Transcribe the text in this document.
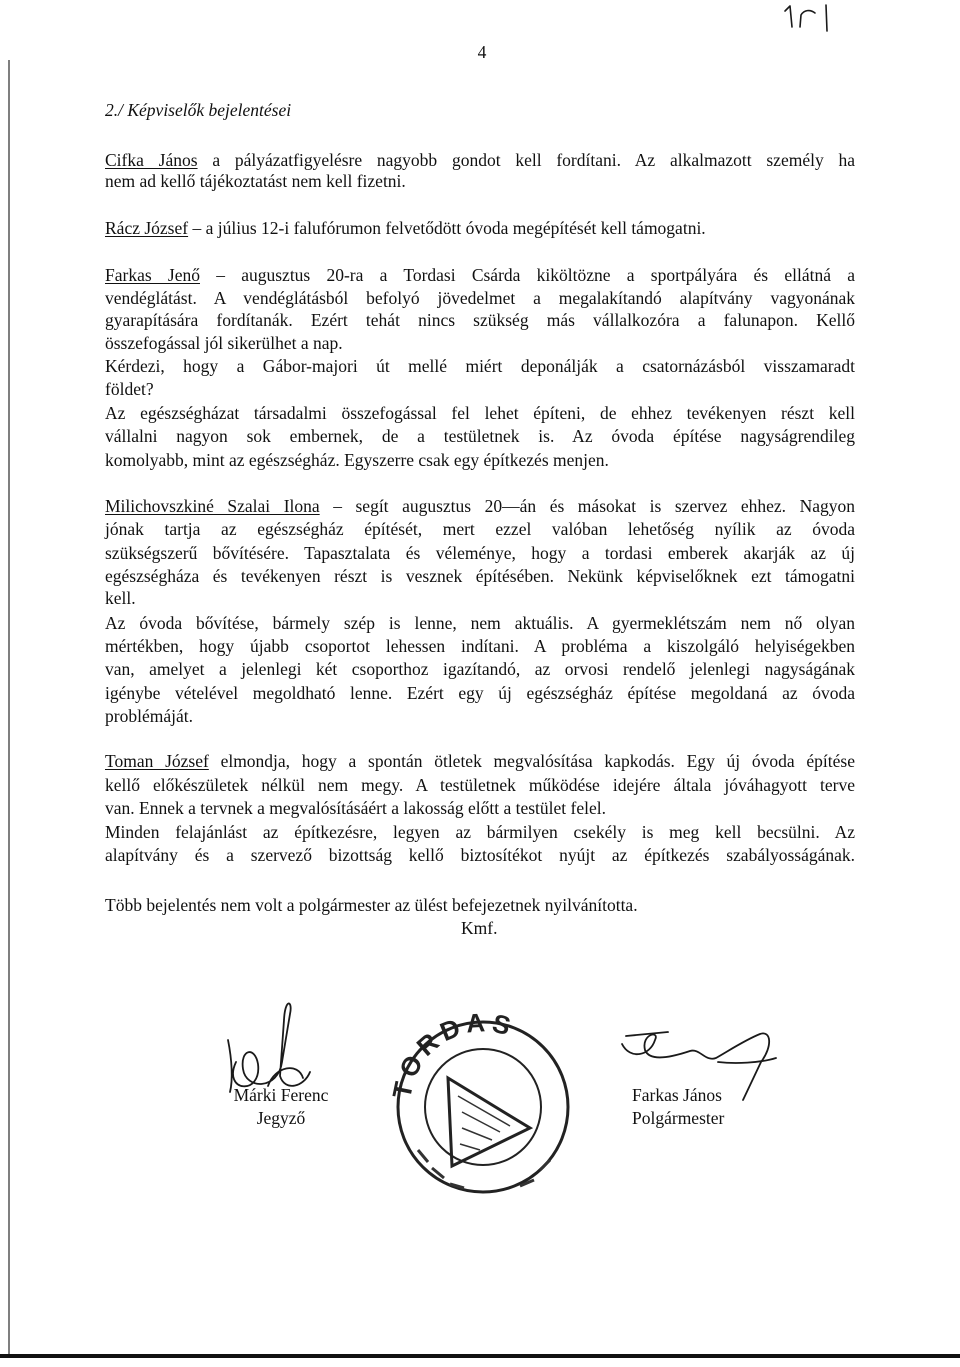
4
2./ Képviselők bejelentései
Cifka János a pályázatfigyelésre nagyobb gondot kell fordítani. Az alkalmazott személy ha
nem ad kellő tájékoztatást nem kell fizetni.
Rácz József – a július 12-i falufórumon felvetődött óvoda megépítését kell támogatni.
Farkas Jenő – augusztus 20-ra a Tordasi Csárda kiköltözne a sportpályára és ellátná a
vendéglátást. A vendéglátásból befolyó jövedelmet a megalakítandó alapítvány vagyonának
gyarapítására fordítanák. Ezért tehát nincs szükség más vállalkozóra a falunapon. Kellő
összefogással jól sikerülhet a nap.
Kérdezi, hogy a Gábor-majori út mellé miért deponálják a csatornázásból visszamaradt
földet?
Az egészségházat társadalmi összefogással fel lehet építeni, de ehhez tevékenyen részt kell
vállalni nagyon sok embernek, de a testületnek is. Az óvoda építése nagyságrendileg
komolyabb, mint az egészségház. Egyszerre csak egy építkezés menjen.
Milichovszkiné Szalai Ilona – segít augusztus 20—án és másokat is szervez ehhez. Nagyon
jónak tartja az egészségház építését, mert ezzel valóban lehetőség nyílik az óvoda
szükségszerű bővítésére. Tapasztalata és véleménye, hogy a tordasi emberek akarják az új
egészségháza és tevékenyen részt is vesznek építésében. Nekünk képviselőknek ezt támogatni
kell.
Az óvoda bővítése, bármely szép is lenne, nem aktuális. A gyermeklétszám nem nő olyan
mértékben, hogy újabb csoportot lehessen indítani. A probléma a kiszolgáló helyiségekben
van, amelyet a jelenlegi két csoporthoz igazítandó, az orvosi rendelő jelenlegi nagyságának
igénybe vételével megoldható lenne. Ezért egy új egészségház építése megoldaná az óvoda
problémáját.
Toman József elmondja, hogy a spontán ötletek megvalósítása kapkodás. Egy új óvoda építése
kellő előkészületek nélkül nem megy. A testületnek működése idejére általa jóváhagyott terve
van. Ennek a tervnek a megvalósításáért a lakosság előtt a testület felel.
Minden felajánlást az építkezésre, legyen az bármilyen csekély is meg kell becsülni. Az
alapítvány és a szervező bizottság kellő biztosítékot nyújt az építkezés szabályosságának.
Több bejelentés nem volt a polgármester az ülést befejezetnek nyilvánította.
Kmf.
Márki Ferenc
Jegyző
Farkas János
Polgármester
TORDAS
